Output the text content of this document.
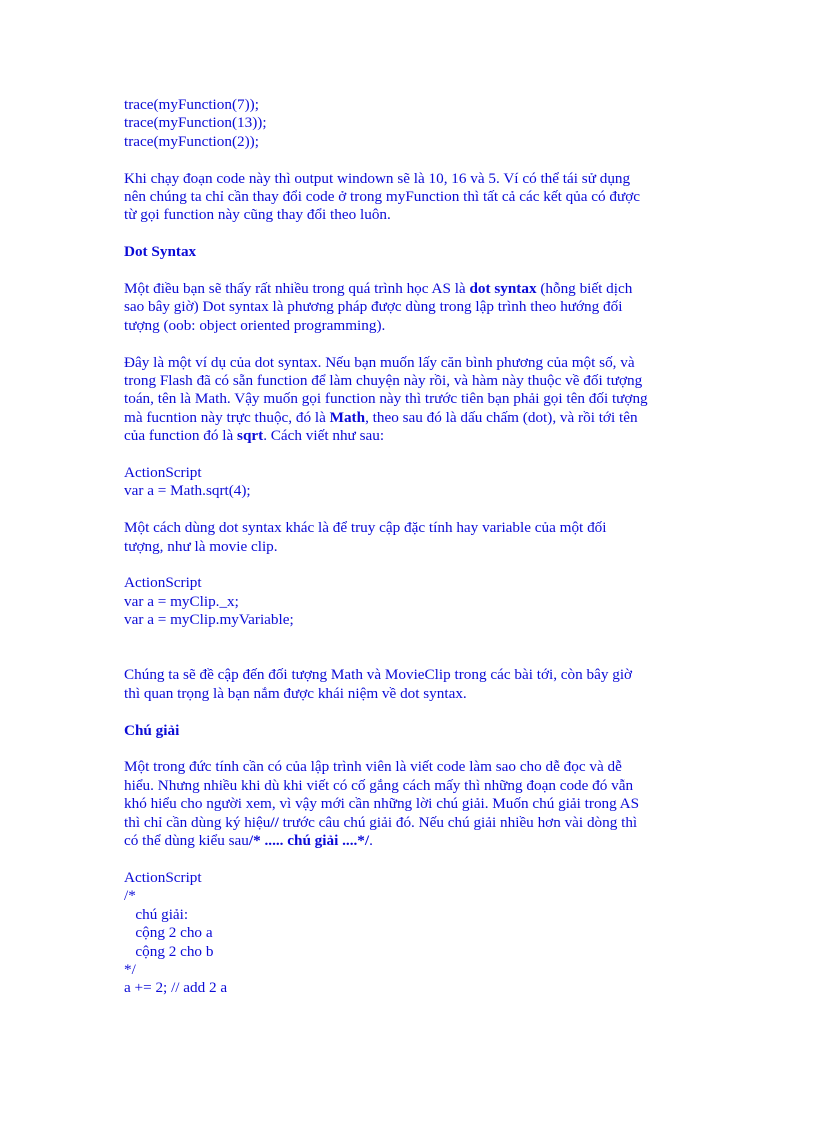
trace(myFunction(7));
trace(myFunction(13));
trace(myFunction(2));
Khi chạy đoạn code này thì output windown sẽ là 10, 16 và 5. Ví có thể tái sử dụng
nên chúng ta chỉ cần thay đổi code ở trong myFunction thì tất cả các kết qủa có được
từ gọi function này cũng thay đổi theo luôn.
Dot Syntax
Một điều bạn sẽ thấy rất nhiều trong quá trình học AS là dot syntax (hỗng biết dịch
sao bây giờ) Dot syntax là phương pháp được dùng trong lập trình theo hướng đối
tượng (oob: object oriented programming).
Đây là một ví dụ của dot syntax. Nếu bạn muốn lấy căn bình phương của một số, và
trong Flash đã có sẵn function để làm chuyện này rồi, và hàm này thuộc về đối tượng
toán, tên là Math. Vậy muốn gọi function này thì trước tiên bạn phải gọi tên đối tượng
mà fucntion này trực thuộc, đó là Math, theo sau đó là dấu chấm (dot), và rồi tới tên
của function đó là sqrt. Cách viết như sau:
ActionScript
var a = Math.sqrt(4);
Một cách dùng dot syntax khác là để truy cập đặc tính hay variable của một đối
tượng, như là movie clip.
ActionScript
var a = myClip._x;
var a = myClip.myVariable;
Chúng ta sẽ đề cập đến đối tượng Math và MovieClip trong các bài tới, còn bây giờ
thì quan trọng là bạn nắm được khái niệm về dot syntax.
Chú giải
Một trong đức tính cần có của lập trình viên là viết code làm sao cho dễ đọc và dễ
hiểu. Nhưng nhiều khi dù khi viết có cố gắng cách mấy thì những đoạn code đó vẫn
khó hiểu cho người xem, vì vậy mới cần những lời chú giải. Muốn chú giải trong AS
thì chỉ cần dùng ký hiệu// trước câu chú giải đó. Nếu chú giải nhiều hơn vài dòng thì
có thể dùng kiểu sau/* ..... chú giải ....*/.
ActionScript
/*
chú giải:
cộng 2 cho a
cộng 2 cho b
*/
a += 2; // add 2 a
